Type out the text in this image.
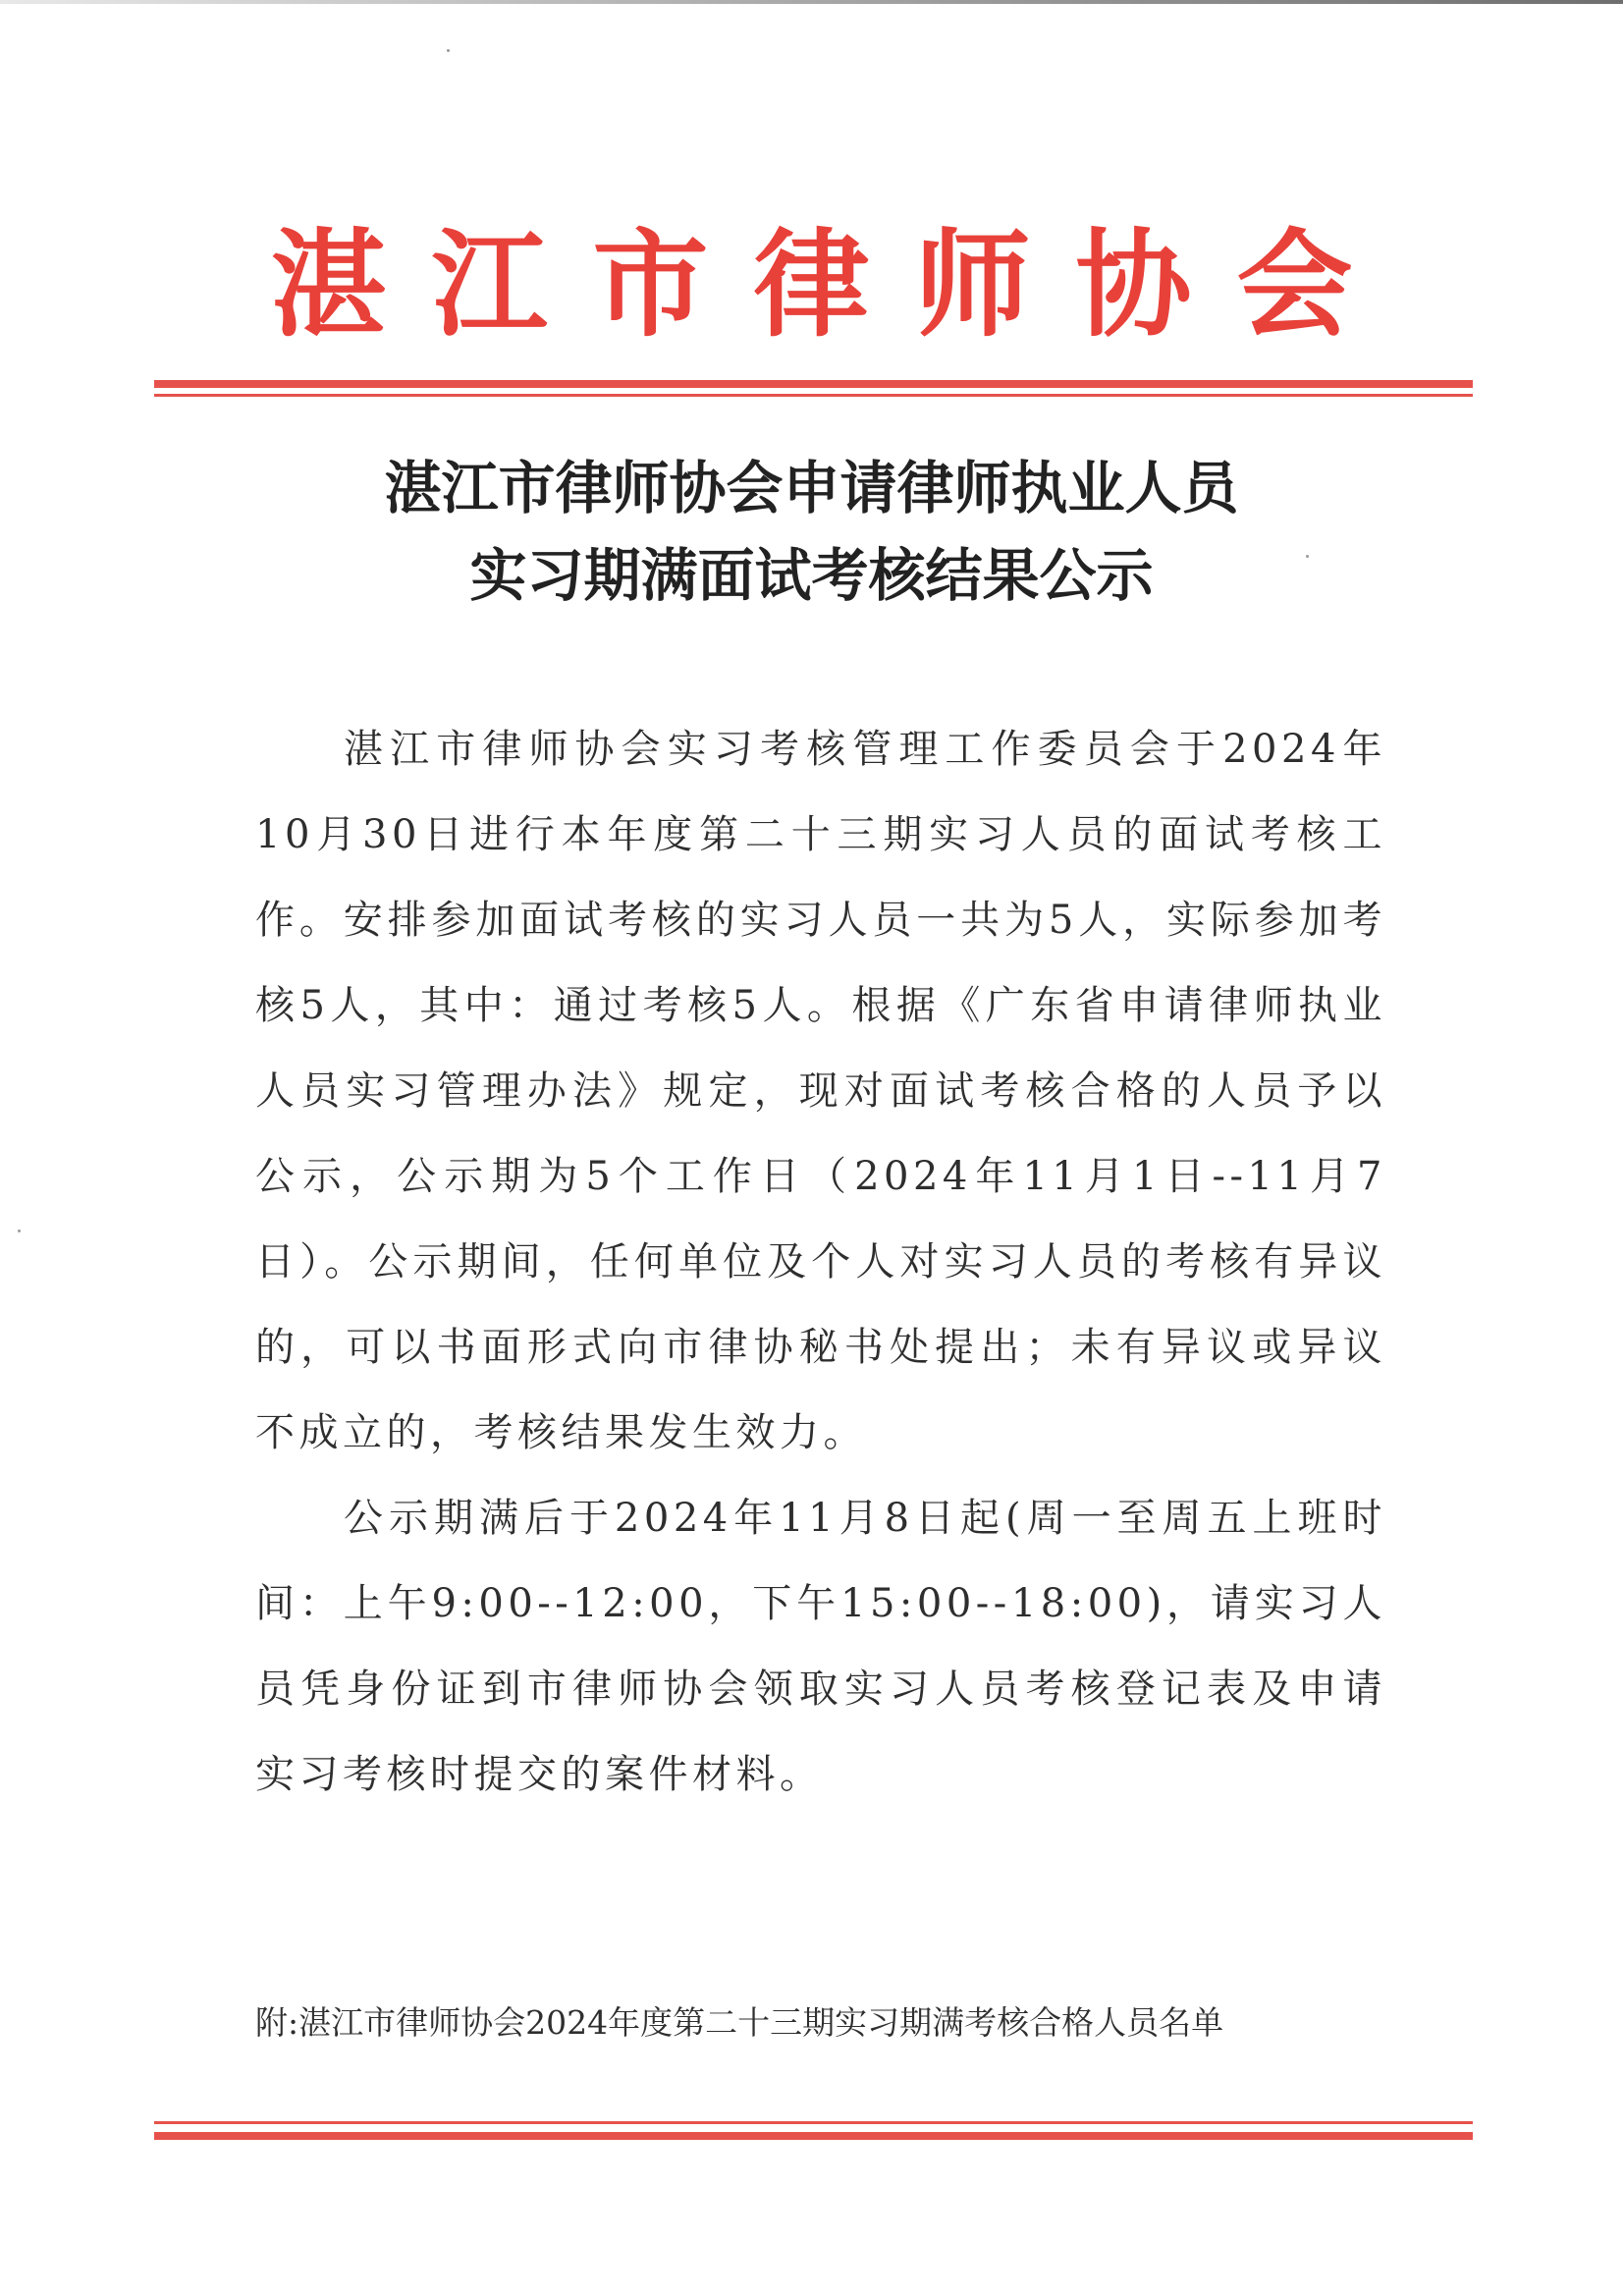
湛江市律师协会
湛江市律师协会申请律师执业人员
实习期满面试考核结果公示

湛江市律师协会实习考核管理工作委员会于2024年10月30日进行本年度第二十三期实习人员的面试考核工作。安排参加面试考核的实习人员一共为5人，实际参加考核5人，其中：通过考核5人。根据《广东省申请律师执业人员实习管理办法》规定，现对面试考核合格的人员予以公示，公示期为5个工作日（2024年11月1日--11月7日）。公示期间，任何单位及个人对实习人员的考核有异议的，可以书面形式向市律协秘书处提出；未有异议或异议不成立的，考核结果发生效力。

公示期满后于2024年11月8日起(周一至周五上班时间：上午9:00--12:00，下午15:00--18:00)，请实习人员凭身份证到市律师协会领取实习人员考核登记表及申请实习考核时提交的案件材料。

附:湛江市律师协会2024年度第二十三期实习期满考核合格人员名单
